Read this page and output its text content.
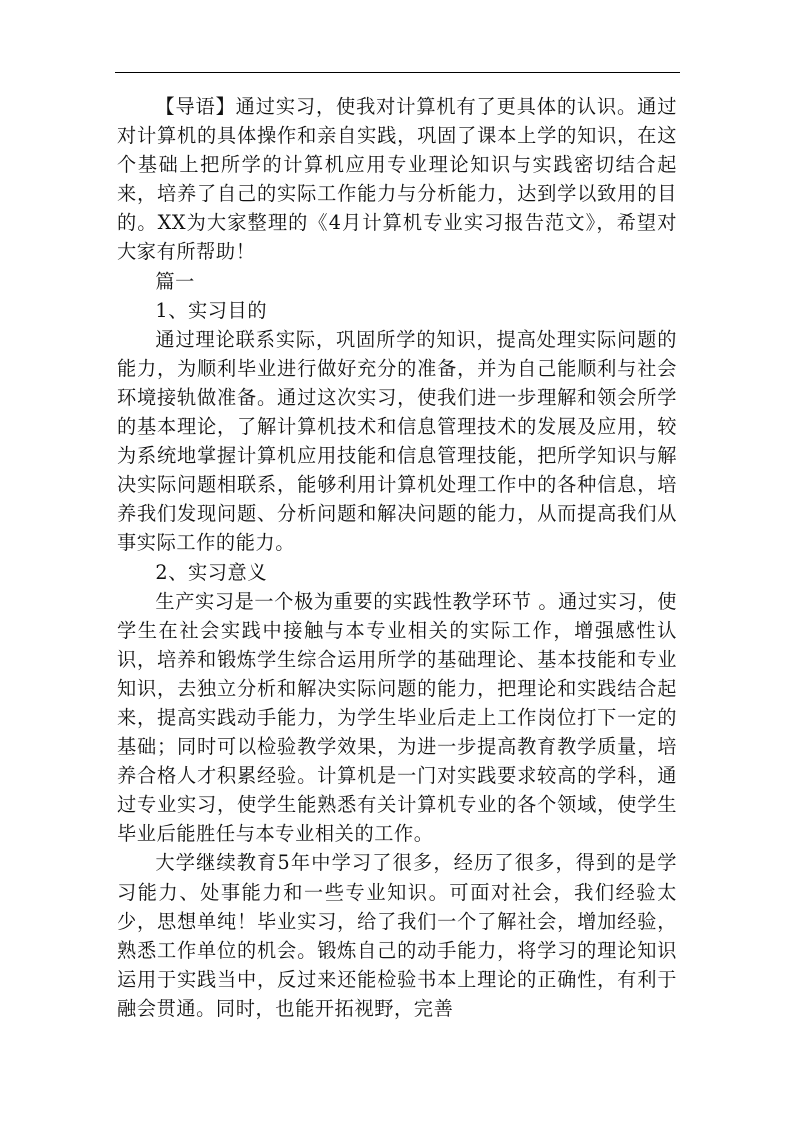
【导语】通过实习，使我对计算机有了更具体的认识。通过对计算机的具体操作和亲自实践，巩固了课本上学的知识，在这个基础上把所学的计算机应用专业理论知识与实践密切结合起来，培养了自己的实际工作能力与分析能力，达到学以致用的目的。XX为大家整理的《4月计算机专业实习报告范文》，希望对大家有所帮助！

篇一

1、实习目的

通过理论联系实际，巩固所学的知识，提高处理实际问题的能力，为顺利毕业进行做好充分的准备，并为自己能顺利与社会环境接轨做准备。通过这次实习，使我们进一步理解和领会所学的基本理论，了解计算机技术和信息管理技术的发展及应用，较为系统地掌握计算机应用技能和信息管理技能，把所学知识与解决实际问题相联系，能够利用计算机处理工作中的各种信息，培养我们发现问题、分析问题和解决问题的能力，从而提高我们从事实际工作的能力。

2、实习意义

生产实习是一个极为重要的实践性教学环节 。通过实习，使学生在社会实践中接触与本专业相关的实际工作，增强感性认识，培养和锻炼学生综合运用所学的基础理论、基本技能和专业知识，去独立分析和解决实际问题的能力，把理论和实践结合起来，提高实践动手能力，为学生毕业后走上工作岗位打下一定的基础；同时可以检验教学效果，为进一步提高教育教学质量，培养合格人才积累经验。计算机是一门对实践要求较高的学科，通过专业实习，使学生能熟悉有关计算机专业的各个领域，使学生毕业后能胜任与本专业相关的工作。

大学继续教育5年中学习了很多，经历了很多，得到的是学习能力、处事能力和一些专业知识。可面对社会，我们经验太少，思想单纯！毕业实习，给了我们一个了解社会，增加经验，熟悉工作单位的机会。锻炼自己的动手能力，将学习的理论知识运用于实践当中，反过来还能检验书本上理论的正确性，有利于融会贯通。同时，也能开拓视野，完善
